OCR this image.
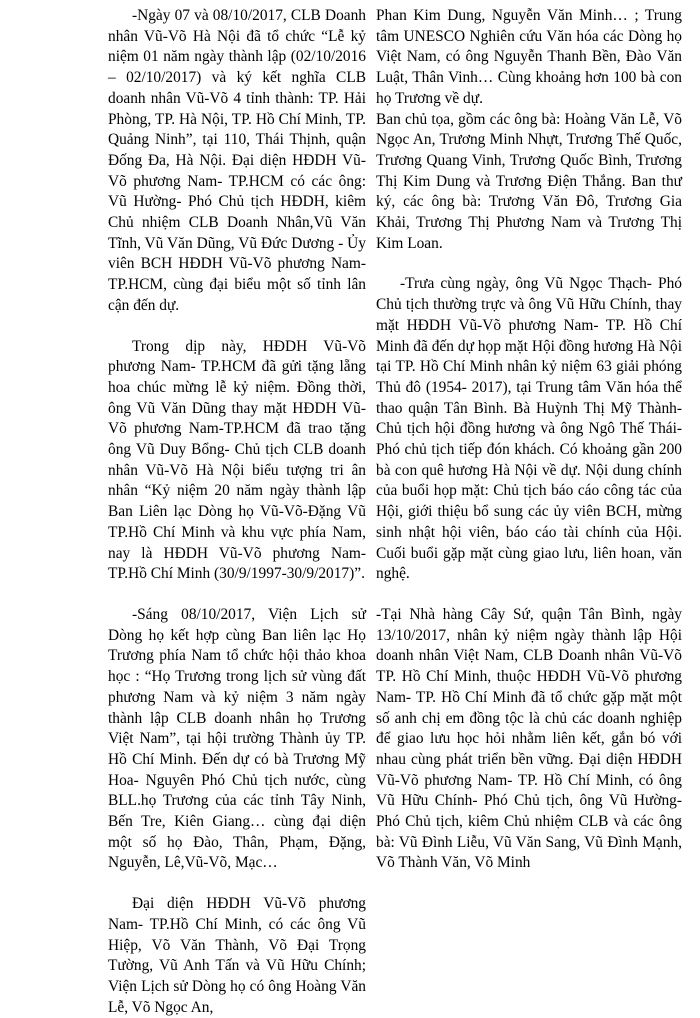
-Ngày 07 và 08/10/2017, CLB Doanh nhân Vũ-Võ Hà Nội đã tổ chức “Lễ kỷ niệm 01 năm ngày thành lập (02/10/2016 – 02/10/2017) và ký kết nghĩa CLB doanh nhân Vũ-Võ 4 tỉnh thành: TP. Hải Phòng, TP. Hà Nội, TP. Hồ Chí Minh, TP. Quảng Ninh”, tại 110, Thái Thịnh, quận Đống Đa, Hà Nội. Đại diện HĐDH Vũ-Võ phương Nam- TP.HCM có các ông: Vũ Hường- Phó Chủ tịch HĐDH, kiêm Chủ nhiệm CLB Doanh Nhân,Vũ Văn Tĩnh, Vũ Văn Dũng, Vũ Đức Dương - Ủy viên BCH HĐDH Vũ-Võ phương Nam- TP.HCM, cùng đại biểu một số tỉnh lân cận đến dự.

Trong dịp này, HĐDH Vũ-Võ phương Nam- TP.HCM đã gửi tặng lẵng hoa chúc mừng lễ kỷ niệm. Đồng thời, ông Vũ Văn Dũng thay mặt HĐDH Vũ-Võ phương Nam-TP.HCM đã trao tặng ông Vũ Duy Bổng- Chủ tịch CLB doanh nhân Vũ-Võ Hà Nội biểu tượng tri ân nhân “Kỷ niệm 20 năm ngày thành lập Ban Liên lạc Dòng họ Vũ-Võ-Đặng Vũ TP.Hồ Chí Minh và khu vực phía Nam, nay là HĐDH Vũ-Võ phương Nam-TP.Hồ Chí Minh (30/9/1997-30/9/2017)”.

-Sáng 08/10/2017, Viện Lịch sử Dòng họ kết hợp cùng Ban liên lạc Họ Trương phía Nam tổ chức hội thảo khoa học : “Họ Trương trong lịch sử vùng đất phương Nam và kỷ niệm 3 năm ngày thành lập CLB doanh nhân họ Trương Việt Nam”, tại hội trường Thành ủy TP. Hồ Chí Minh. Đến dự có bà Trương Mỹ Hoa- Nguyên Phó Chủ tịch nước, cùng BLL.họ Trương của các tỉnh Tây Ninh, Bến Tre, Kiên Giang… cùng đại diện một số họ Đào, Thân, Phạm, Đặng, Nguyễn, Lê,Vũ-Võ, Mạc…

Đại diện HĐDH Vũ-Võ phương Nam- TP.Hồ Chí Minh, có các ông Vũ Hiệp, Võ Văn Thành, Võ Đại Trọng Tường, Vũ Anh Tấn và Vũ Hữu Chính; Viện Lịch sử Dòng họ có ông Hoàng Văn Lễ, Võ Ngọc An,

Phan Kim Dung, Nguyễn Văn Minh… ; Trung tâm UNESCO Nghiên cứu Văn hóa các Dòng họ Việt Nam, có ông Nguyễn Thanh Bền, Đào Văn Luật, Thân Vinh… Cùng khoảng hơn 100 bà con họ Trương về dự.

Ban chủ tọa, gồm các ông bà: Hoàng Văn Lễ, Võ Ngọc An, Trương Minh Nhựt, Trương Thế Quốc, Trương Quang Vinh, Trương Quốc Bình, Trương Thị Kim Dung và Trương Điện Thắng. Ban thư ký, các ông bà: Trương Văn Đô, Trương Gia Khải, Trương Thị Phương Nam và Trương Thị Kim Loan.

-Trưa cùng ngày, ông Vũ Ngọc Thạch- Phó Chủ tịch thường trực và ông Vũ Hữu Chính, thay mặt HĐDH Vũ-Võ phương Nam- TP. Hồ Chí Minh đã đến dự họp mặt Hội đồng hương Hà Nội tại TP. Hồ Chí Minh nhân kỷ niệm 63 giải phóng Thủ đô (1954- 2017), tại Trung tâm Văn hóa thể thao quận Tân Bình. Bà Huỳnh Thị Mỹ Thành- Chủ tịch hội đồng hương và ông Ngô Thế Thái- Phó chủ tịch tiếp đón khách. Có khoảng gần 200 bà con quê hương Hà Nội về dự. Nội dung chính của buổi họp mặt: Chủ tịch báo cáo công tác của Hội, giới thiệu bổ sung các ủy viên BCH, mừng sinh nhật hội viên, báo cáo tài chính của Hội. Cuối buổi gặp mặt cùng giao lưu, liên hoan, văn nghệ.

-Tại Nhà hàng Cây Sứ, quận Tân Bình, ngày 13/10/2017, nhân kỷ niệm ngày thành lập Hội doanh nhân Việt Nam, CLB Doanh nhân Vũ-Võ TP. Hồ Chí Minh, thuộc HĐDH Vũ-Võ phương Nam- TP. Hồ Chí Minh đã tổ chức gặp mặt một số anh chị em đồng tộc là chủ các doanh nghiệp để giao lưu học hỏi nhằm liên kết, gắn bó với nhau cùng phát triển bền vững. Đại diện HĐDH Vũ-Võ phương Nam- TP. Hồ Chí Minh, có ông Vũ Hữu Chính- Phó Chủ tịch, ông Vũ Hường- Phó Chủ tịch, kiêm Chủ nhiệm CLB và các ông bà: Vũ Đình Liễu, Vũ Văn Sang, Vũ Đình Mạnh, Võ Thành Văn, Võ Minh
